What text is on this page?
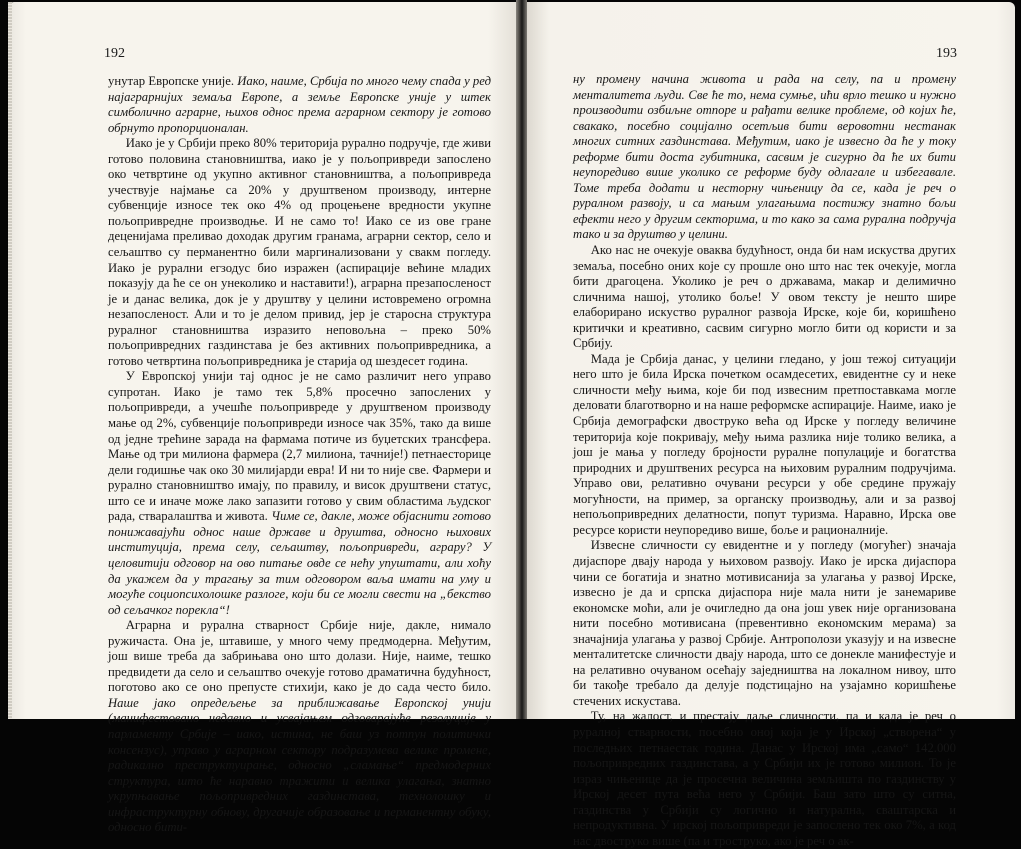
192

унутар Европске уније. Иако, наиме, Србија по много чему спада у ред најаграрнијих земаља Европе, а земље Европске уније у штек симболично аграрне, њихов однос према аграрном сектору је готово обрнуто пропорционалан.

Иако је у Србији преко 80% територија рурално подручје, где живи готово половина становништва, иако је у пољопривреди запослено око четвртине од укупно активног становништва, а пољопривреда учествује најмање са 20% у друштвеном производу, интерне субвенције износе тек око 4% од процењене вредности укупне пољопривредне производње. И не само то! Иако се из ове гране деценијама преливао доходак другим гранама, аграрни сектор, село и сељаштво су перманентно били маргинализовани у свакм погледу. Иако је рурални егзодус био изражен (аспирације већине младих показују да ће се он унеколико и наставити!), аграрна презапосленост је и данас велика, док је у друштву у целини истовремено огромна незапосленост. Али и то је делом привид, јер је старосна структура руралног становништва изразито неповољна – преко 50% пољопривредних газдинстава је без активних пољопривредника, а готово четвртина пољопривредника је старија од шездесет година.

У Европској унији тај однос је не само различит него управо супротан. Иако је тамо тек 5,8% просечно запослених у пољопривреди, а учешће пољопривреде у друштвеном производу мање од 2%, субвенције пољопривреди износе чак 35%, тако да више од једне трећине зарада на фармама потиче из буџетских трансфера. Мање од три милиона фармера (2,7 милиона, тачније!) петнаесторице дели годишње чак око 30 милијарди евра! И ни то није све. Фармери и рурално становништво имају, по правилу, и висок друштвени статус, што се и иначе може лако запазити готово у свим областима људског рада, стваралаштва и живота. Чиме се, дакле, може објаснити готово понижавајући однос наше државе и друштва, односно њихових институција, према селу, сељаштву, пољопривреди, аграру? У целовитији одговор на ово питање овде се нећу упуштати, али хоћу да укажем да у трагању за тим одговором ваља имати на уму и могуће социопсихолошке разлоге, који би се могли свести на „бекство од сељачког порекла“!

Аграрна и рурална стварност Србије није, дакле, нимало ружичаста. Она је, штавише, у много чему предмодерна. Међутим, још више треба да забрињава оно што долази. Није, наиме, тешко предвидети да село и сељаштво очекује готово драматична будућност, поготово ако се оно препусте стихији, како је до сада често било. Наше јако опредељење за приближавање Европској унији (манифестовано недавно и усвајањем одговарајуће резолуције у парламенту Србије – иако, истина, не баш уз потпун политички консензус), управо у аграрном сектору подразумева велике промене, радикално преструктуирање, односно „сламање“ предмодерних структура, што ће наравно тражити и велика улагања, знатно укрупњавање пољопривредних газдинстава, технолошку и инфраструктурну обнову, другачије образовање и перманентну обуку, односно бити-

193

ну промену начина живота и рада на селу, па и промену менталитета људи. Све ће то, нема сумње, ићи врло тешко и нужно производити озбиљне отпоре и рађати велике проблеме, од којих ће, свакако, посебно социјално осетљив бити веровотни нестанак многих ситних газдинстава. Међутим, иако је извесно да ће у току реформе бити доста губитника, сасвим је сигурно да ће их бити неупоредиво више уколико се реформе буду одлагале и избегавале. Томе треба додати и несторну чињеницу да се, када је реч о руралном развоју, и са мањим улагањима постижу знатно бољи ефекти него у другим секторима, и то како за сама рурална подручја тако и за друштво у целини.

Ако нас не очекује оваква будућност, онда би нам искуства других земаља, посебно оних које су прошле оно што нас тек очекује, могла бити драгоцена. Уколико је реч о државама, макар и делимично сличнима нашој, утолико боље! У овом тексту је нешто шире елаборирано искуство руралног развоја Ирске, које би, коришћено критички и креативно, сасвим сигурно могло бити од користи и за Србију.

Мада је Србија данас, у целини гледано, у још тежој ситуацији него што је била Ирска почетком осамдесетих, евидентне су и неке сличности међу њима, које би под извесним претпоставкама могле деловати благотворно и на наше реформске аспирације. Наиме, иако је Србија демографски двоструко већа од Ирске у погледу величине територија које покривају, међу њима разлика није толико велика, а још је мања у погледу бројности руралне популације и богатства природних и друштвених ресурса на њиховим руралним подручјима. Управо ови, релативно очувани ресурси у обе средине пружају могућности, на пример, за органску производњу, али и за развој непољопривредних делатности, попут туризма. Наравно, Ирска ове ресурсе користи неупоредиво више, боље и рационалније.

Извесне сличности су евидентне и у погледу (могућег) значаја дијаспоре двају народа у њиховом развоју. Иако је ирска дијаспора чини се богатија и знатно мотивисанија за улагања у развој Ирске, извесно је да и српска дијаспора није мала нити је занемариве економске моћи, али је очигледно да она још увек није организована нити посебно мотивисана (превентивно економским мерама) за значајнија улагања у развој Србије. Антрополози указују и на извесне менталитетске сличности двају народа, што се донекле манифестује и на релативно очуваном осећају заједништва на локалном нивоу, што би такође требало да делује подстицајно на узајамно коришћење стечених искустава.

Ту, на жалост, и престају даље сличности, па и када је реч о руралној стварности, посебно оној која је у Ирској „створена“ у последњих петнаестак година. Данас у Ирској има „само“ 142.000 пољопривредних газдинстава, а у Србији их је готово милион. То је израз чињенице да је просечна величина земљишта по газдинству у Ирској десет пута већа него у Србији. Баш зато што су ситна, газдинства у Србији су логично и натурална, сваштарска и непродуктивна. У ирској пољопривреди је запослено тек око 7%, а код нас двоструко више (па и троструко, ако је реч о ак-
